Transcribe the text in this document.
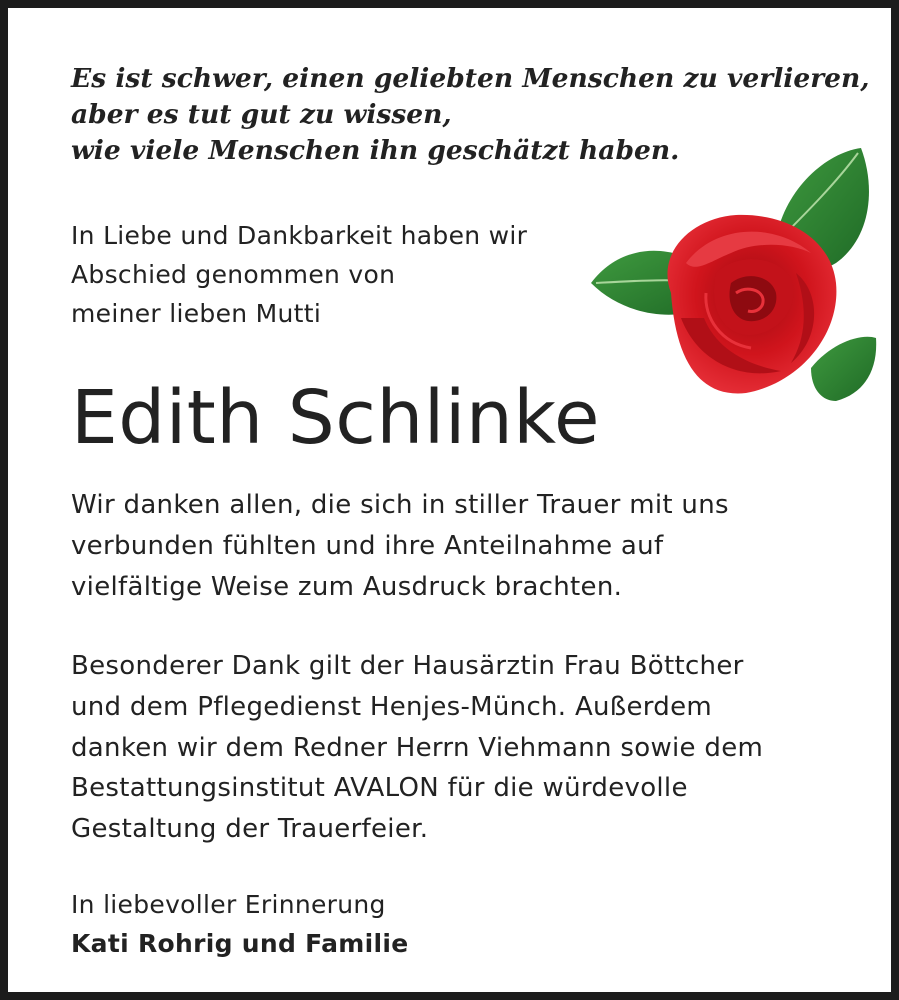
Es ist schwer, einen geliebten Menschen zu verlieren,
aber es tut gut zu wissen,
wie viele Menschen ihn geschätzt haben.

In Liebe und Dankbarkeit haben wir
Abschied genommen von
meiner lieben Mutti

Edith Schlinke

Wir danken allen, die sich in stiller Trauer mit uns
verbunden fühlten und ihre Anteilnahme auf
vielfältige Weise zum Ausdruck brachten.

Besonderer Dank gilt der Hausärztin Frau Böttcher
und dem Pflegedienst Henjes-Münch. Außerdem
danken wir dem Redner Herrn Viehmann sowie dem
Bestattungsinstitut AVALON für die würdevolle
Gestaltung der Trauerfeier.

In liebevoller Erinnerung
Kati Rohrig und Familie
